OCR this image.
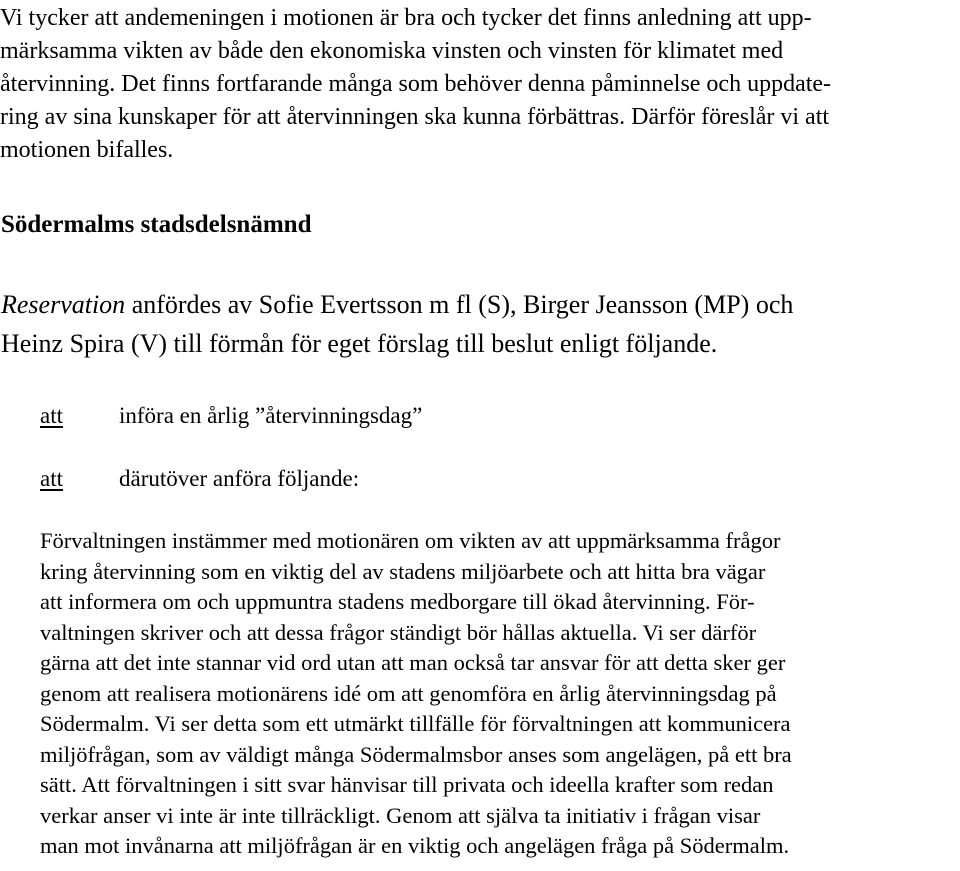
Vi tycker att andemeningen i motionen är bra och tycker det finns anledning att upp-
märksamma vikten av både den ekonomiska vinsten och vinsten för klimatet med
återvinning. Det finns fortfarande många som behöver denna påminnelse och uppdate-
ring av sina kunskaper för att återvinningen ska kunna förbättras. Därför föreslår vi att
motionen bifalles.
Södermalms stadsdelsnämnd
Reservation anfördes av Sofie Evertsson m fl (S), Birger Jeansson (MP) och
Heinz Spira (V) till förmån för eget förslag till beslut enligt följande.
att införa en årlig ”återvinningsdag”
att därutöver anföra följande:
Förvaltningen instämmer med motionären om vikten av att uppmärksamma frågor
kring återvinning som en viktig del av stadens miljöarbete och att hitta bra vägar
att informera om och uppmuntra stadens medborgare till ökad återvinning. För-
valtningen skriver och att dessa frågor ständigt bör hållas aktuella. Vi ser därför
gärna att det inte stannar vid ord utan att man också tar ansvar för att detta sker ger
genom att realisera motionärens idé om att genomföra en årlig återvinningsdag på
Södermalm. Vi ser detta som ett utmärkt tillfälle för förvaltningen att kommunicera
miljöfrågan, som av väldigt många Södermalmsbor anses som angelägen, på ett bra
sätt. Att förvaltningen i sitt svar hänvisar till privata och ideella krafter som redan
verkar anser vi inte är inte tillräckligt. Genom att själva ta initiativ i frågan visar
man mot invånarna att miljöfrågan är en viktig och angelägen fråga på Södermalm.
